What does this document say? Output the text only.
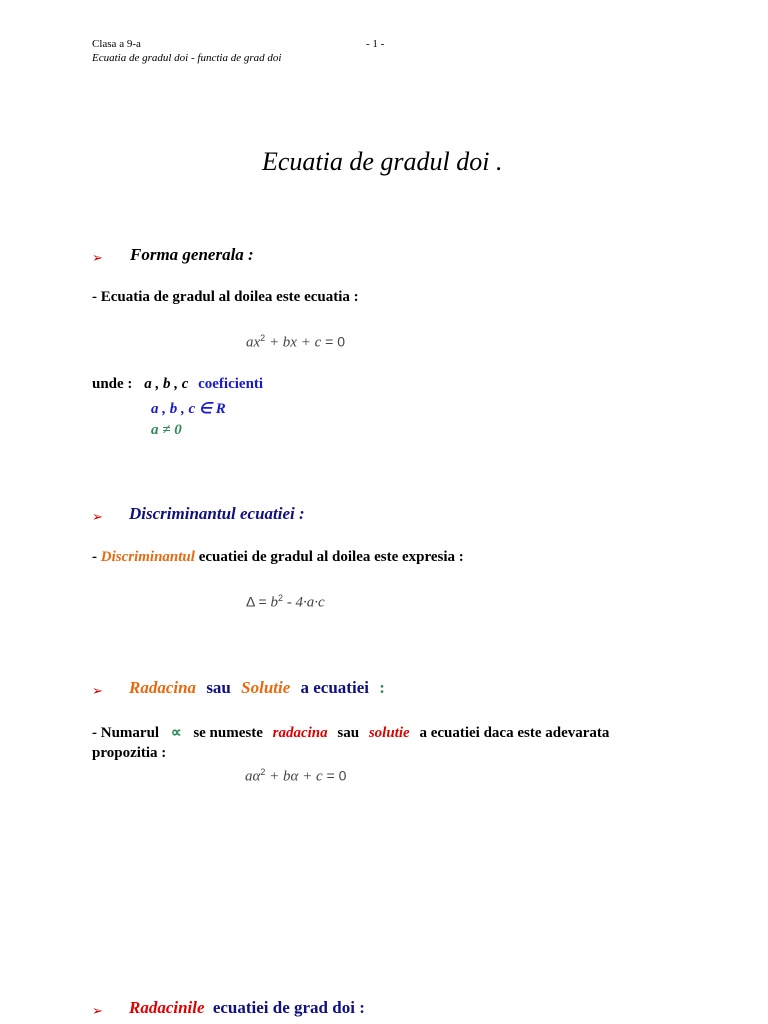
Clasa a 9-a	- 1 -
Ecuatia de gradul doi - functia de grad doi
Ecuatia de gradul doi .
➢ Forma generala :
- Ecuatia de gradul al doilea este ecuatia :
$ax^2$ + bx + c = 0
unde : a , b , c coeficienti
a , b , c ∈ R
a ≠ 0
➢ Discriminantul ecuatiei :
- Discriminantul ecuatiei de gradul al doilea este expresia :
$\Delta = b^2 - 4\cdot a\cdot c$
➢ Radacina sau Solutie a ecuatiei :
- Numarul ∝ se numeste radacina sau solutie a ecuatiei daca este adevarata
propozitia :
$a\alpha^2 + b\alpha + c = 0$
➢ Radacinile ecuatiei de grad doi :
